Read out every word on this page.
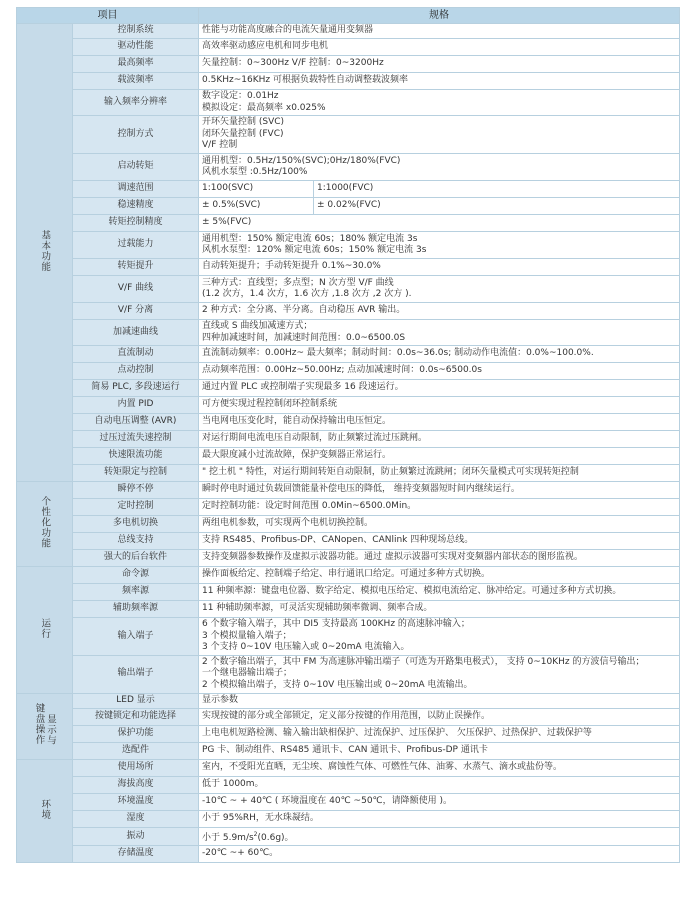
项目		规格	
基本功能	控制系统	性能与功能高度融合的电流矢量通用变频器	

	驱动性能	高效率驱动感应电机和同步电机	

	最高频率	矢量控制：0~300Hz V/F 控制：0~3200Hz	

	载波频率	0.5KHz~16KHz 可根据负载特性自动调整载波频率	

	输入频率分辨率	数字设定：0.01Hz
模拟设定：最高频率 x0.025%	

	控制方式	开环矢量控制 (SVC)
闭环矢量控制 (FVC)
V/F 控制	

	启动转矩	通用机型：0.5Hz/150%(SVC);0Hz/180%(FVC)
风机水泵型 :0.5Hz/100%	

	调速范围	1:100(SVC)	1:1000(FVC)
	稳速精度	± 0.5%(SVC)	± 0.02%(FVC)
	转矩控制精度	± 5%(FVC)	

	过载能力	通用机型：150% 额定电流 60s；180% 额定电流 3s
风机水泵型：120% 额定电流 60s；150% 额定电流 3s	

	转矩提升	自动转矩提升；手动转矩提升 0.1%~30.0%	

	V/F 曲线	三种方式：直线型；多点型；N 次方型 V/F 曲线
(1.2 次方，1.4 次方，1.6 次方 ,1.8 次方 ,2 次方 ).	

	V/F 分离	2 种方式：全分离、半分离。自动稳压 AVR 输出。	

	加减速曲线	直线或 S 曲线加减速方式；
四种加减速时间，加减速时间范围：0.0~6500.0S	

	直流制动	直流制动频率：0.00Hz~ 最大频率；制动时间：0.0s~36.0s; 制动动作电流值：0.0%~100.0%.	

	点动控制	点动频率范围：0.00Hz~50.00Hz; 点动加减速时间：0.0s~6500.0s	

	简易 PLC, 多段速运行	通过内置 PLC 或控制端子实现最多 16 段速运行。	

	内置 PID	可方便实现过程控制闭环控制系统	

	自动电压调整 (AVR)	当电网电压变化时，能自动保持输出电压恒定。	

	过压过流失速控制	对运行期间电流电压自动限制，防止频繁过流过压跳闸。	

	快速限流功能	最大限度减小过流故障，保护变频器正常运行。	

	转矩限定与控制	" 挖土机 " 特性，对运行期间转矩自动限制，防止频繁过流跳闸；闭环矢量模式可实现转矩控制	

个性化功能	瞬停不停	瞬时停电时通过负载回馈能量补偿电压的降低， 维持变频器短时间内继续运行。	

	定时控制	定时控制功能：设定时间范围 0.0Min~6500.0Min。	

	多电机切换	两组电机参数，可实现两个电机切换控制。	

	总线支持	支持 RS485、Profibus-DP、CANopen、CANlink 四种现场总线。	

	强大的后台软件	支持变频器参数操作及虚拟示波器功能。通过 虚拟示波器可实现对变频器内部状态的图形监视。	

运行	命令源	操作面板给定、控制端子给定、串行通讯口给定。可通过多种方式切换。	

	频率源	11 种频率源：键盘电位器、数字给定、模拟电压给定、模拟电流给定、脉冲给定。可通过多种方式切换。	

	辅助频率源	11 种辅助频率源，可灵活实现辅助频率微调、频率合成。	

	输入端子	6 个数字输入端子，其中 DI5 支持最高 100KHz 的高速脉冲输入；
3 个模拟量输入端子；
3 个支持 0~10V 电压输入或 0~20mA 电流输入。	

	输出端子	2 个数字输出端子，其中 FM 为高速脉冲输出端子（可选为开路集电极式）， 支持 0~10KHz 的方波信号输出；
一个继电器输出端子；
2 个模拟输出端子，支持 0~10V 电压输出或 0~20mA 电流输出。	

键盘操作显示与	LED 显示	显示参数	

	按键锁定和功能选择	实现按键的部分或全部锁定，定义部分按键的作用范围，以防止误操作。	

	保护功能	上电电机短路检测、输入输出缺相保护、过流保护、过压保护、 欠压保护、过热保护、过载保护等	

	选配件	PG 卡、制动组件、RS485 通讯卡、CAN 通讯卡、Profibus-DP 通讯卡	

环境	使用场所	室内，不受阳光直晒，无尘埃、腐蚀性气体、可燃性气体、油雾、水蒸气、滴水或盐份等。	

	海拔高度	低于 1000m。	

	环境温度	-10℃ ~ + 40℃ ( 环境温度在 40℃ ~50℃，请降额使用 )。	

	湿度	小于 95%RH，无水珠凝结。	

	振动	小于 $5.9m/s^2(0.6g)$。	
	存储温度	-20℃ ~+ 60℃。	
